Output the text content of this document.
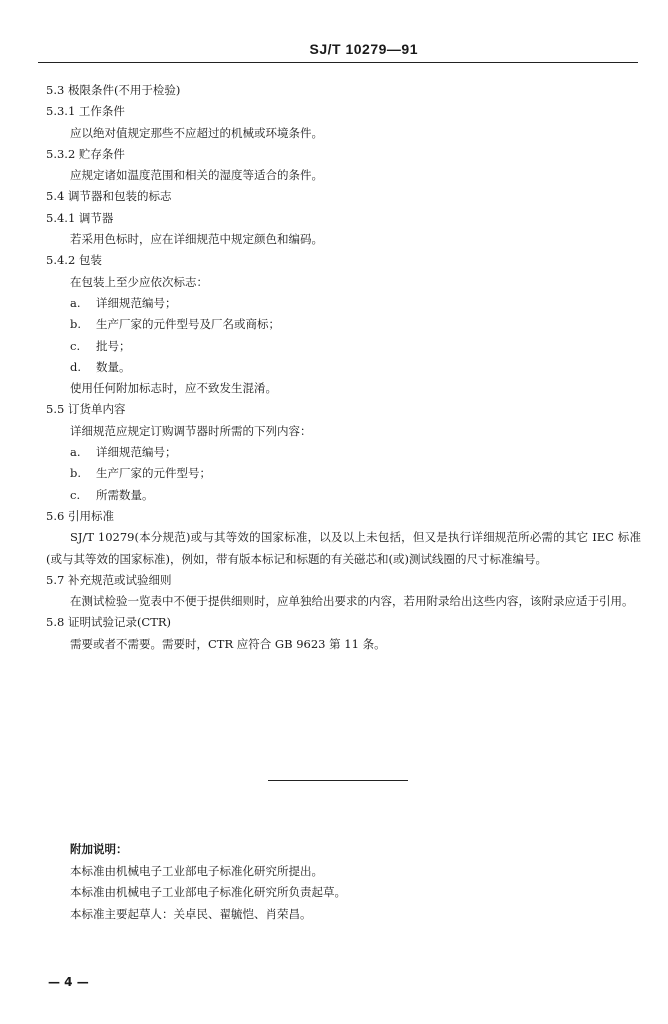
SJ/T 10279—91
5.3 极限条件(不用于检验)
5.3.1 工作条件
应以绝对值规定那些不应超过的机械或环境条件。
5.3.2 贮存条件
应规定诸如温度范围和相关的湿度等适合的条件。
5.4 调节器和包装的标志
5.4.1 调节器
若采用色标时，应在详细规范中规定颜色和编码。
5.4.2 包装
在包装上至少应依次标志：
a. 详细规范编号；
b. 生产厂家的元件型号及厂名或商标；
c. 批号；
d. 数量。
使用任何附加标志时，应不致发生混淆。
5.5 订货单内容
详细规范应规定订购调节器时所需的下列内容：
a. 详细规范编号；
b. 生产厂家的元件型号；
c. 所需数量。
5.6 引用标准
SJ/T 10279(本分规范)或与其等效的国家标准，以及以上未包括，但又是执行详细规范所必需的其它 IEC 标准(或与其等效的国家标准)，例如，带有版本标记和标题的有关磁芯和(或)测试线圈的尺寸标准编号。
5.7 补充规范或试验细则
在测试检验一览表中不便于提供细则时，应单独给出要求的内容，若用附录给出这些内容，该附录应适于引用。
5.8 证明试验记录(CTR)
需要或者不需要。需要时，CTR 应符合 GB 9623 第 11 条。
附加说明：
本标准由机械电子工业部电子标准化研究所提出。
本标准由机械电子工业部电子标准化研究所负责起草。
本标准主要起草人：关卓民、翟毓恺、肖荣昌。
— 4 —
